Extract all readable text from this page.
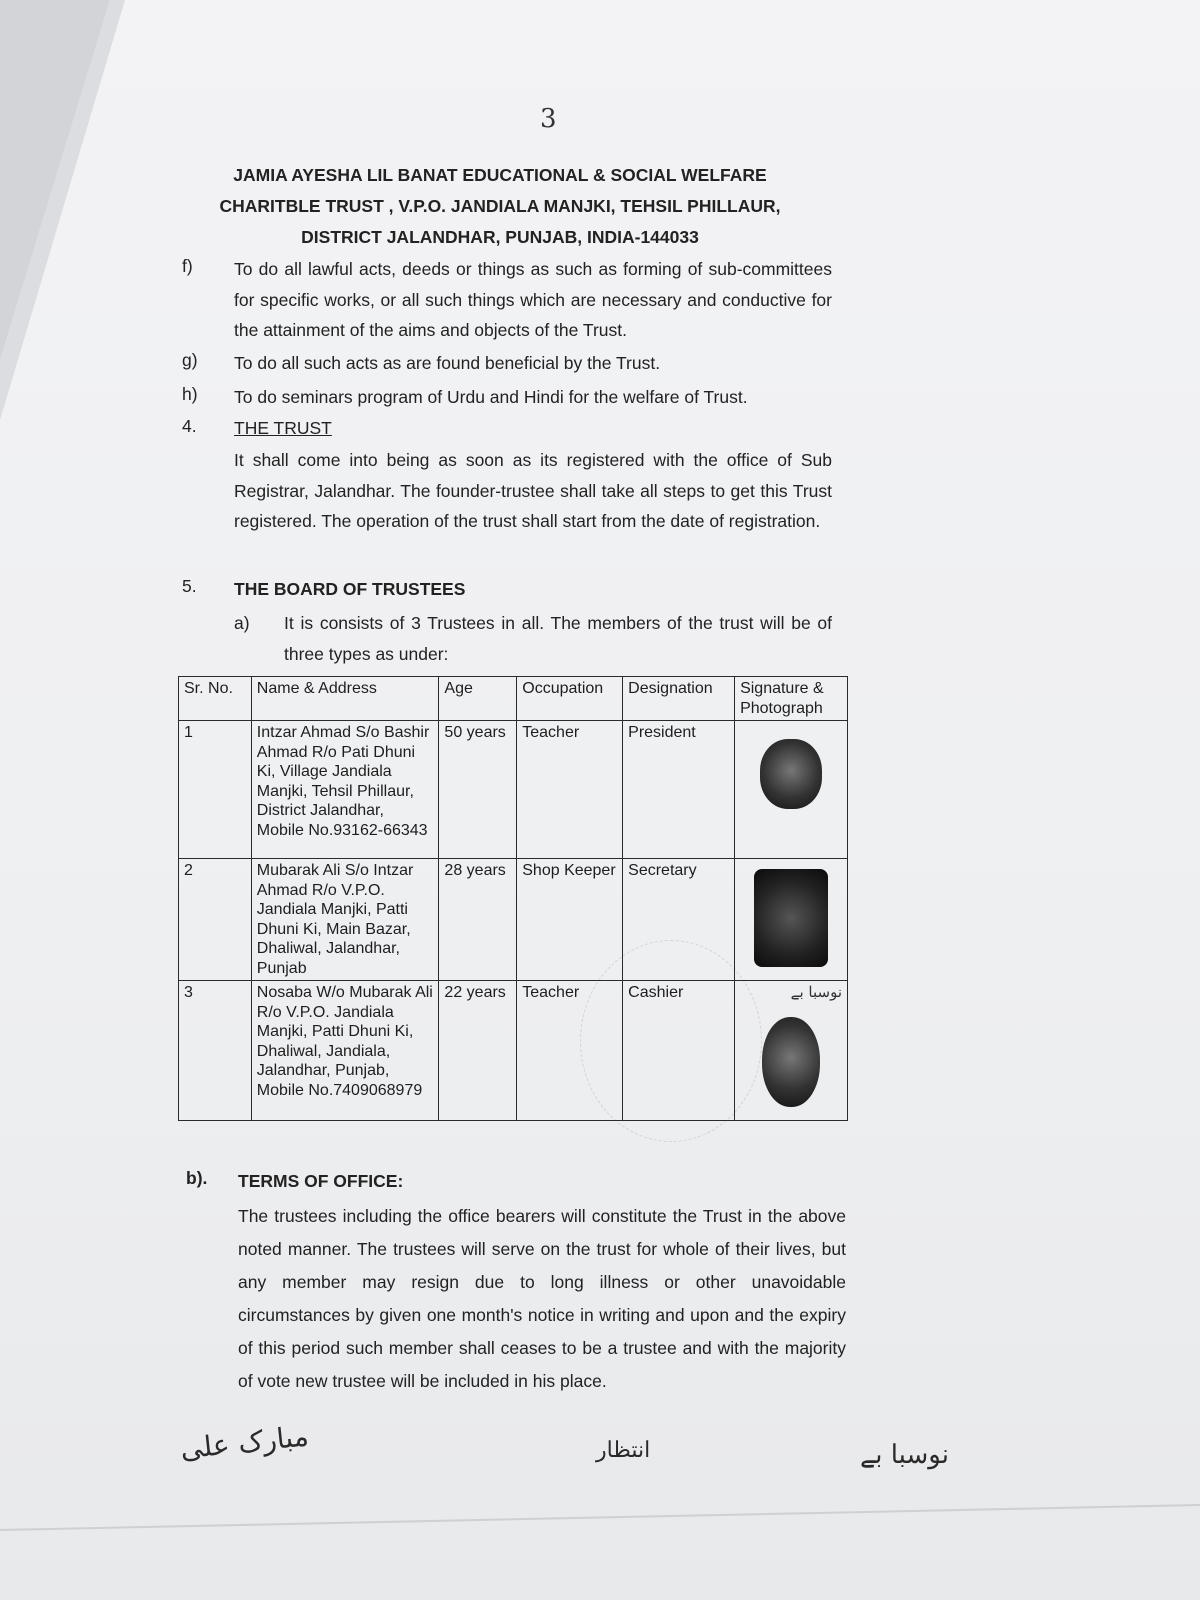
3
JAMIA AYESHA LIL BANAT EDUCATIONAL & SOCIAL WELFARE
CHARITBLE TRUST , V.P.O. JANDIALA MANJKI, TEHSIL PHILLAUR,
DISTRICT JALANDHAR, PUNJAB, INDIA-144033
f) To do all lawful acts, deeds or things as such as forming of sub-committees for specific works, or all such things which are necessary and conductive for the attainment of the aims and objects of the Trust.
g) To do all such acts as are found beneficial by the Trust.
h) To do seminars program of Urdu and Hindi for the welfare of Trust.
4. THE TRUST
It shall come into being as soon as its registered with the office of Sub Registrar, Jalandhar. The founder-trustee shall take all steps to get this Trust registered. The operation of the trust shall start from the date of registration.
5. THE BOARD OF TRUSTEES
a) It is consists of 3 Trustees in all. The members of the trust will be of three types as under:
Sr. No.	Name & Address	Age	Occupation	Designation	Signature & Photograph
1	Intzar Ahmad S/o Bashir Ahmad R/o Pati Dhuni Ki, Village Jandiala Manjki, Tehsil Phillaur, District Jalandhar, Mobile No.93162-66343	50 years	Teacher	President	

2	Mubarak Ali S/o Intzar Ahmad R/o V.P.O. Jandiala Manjki, Patti Dhuni Ki, Main Bazar, Dhaliwal, Jalandhar, Punjab	28 years	Shop Keeper	Secretary	

3	Nosaba W/o Mubarak Ali R/o V.P.O. Jandiala Manjki, Patti Dhuni Ki, Dhaliwal, Jandiala, Jalandhar, Punjab, Mobile No.7409068979	22 years	Teacher	Cashier	نوسبا بے
b). TERMS OF OFFICE:
The trustees including the office bearers will constitute the Trust in the above noted manner. The trustees will serve on the trust for whole of their lives, but any member may resign due to long illness or other unavoidable circumstances by given one month's notice in writing and upon and the expiry of this period such member shall ceases to be a trustee and with the majority of vote new trustee will be included in his place.
مبارک علی	انتظار	نوسبا بے
